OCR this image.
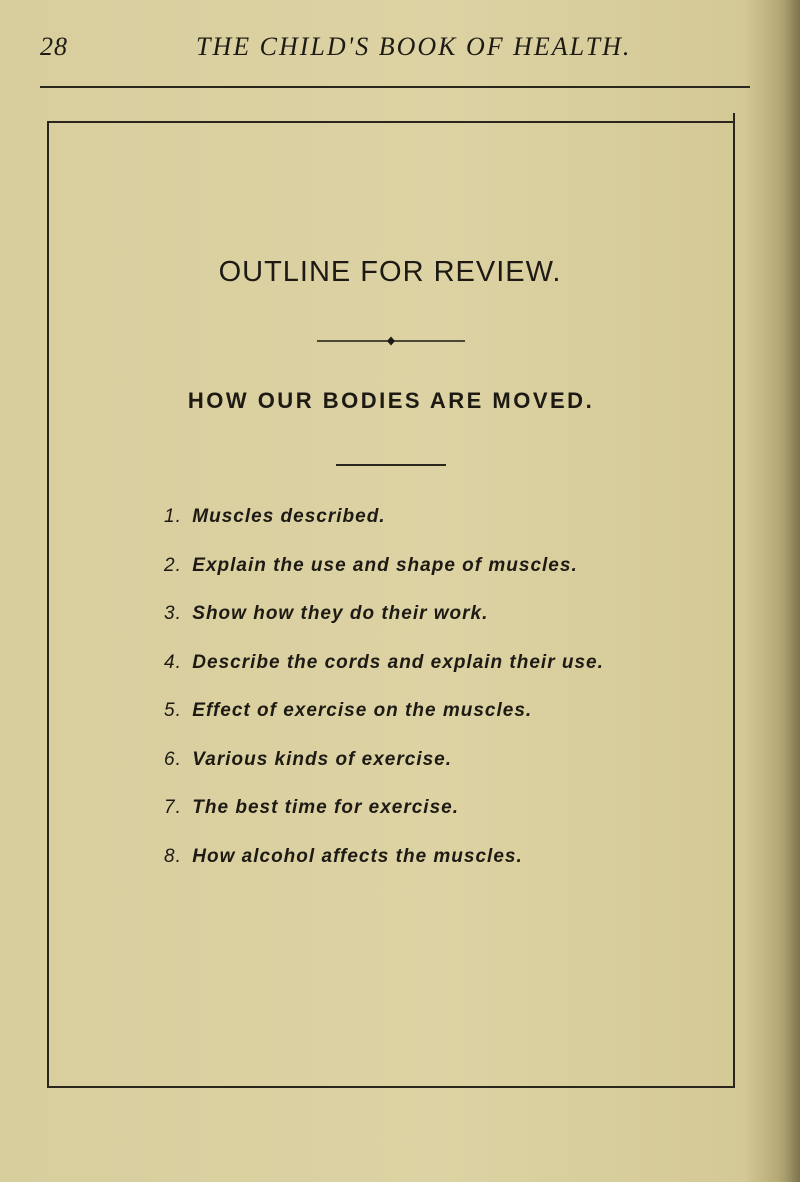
28	THE CHILD'S BOOK OF HEALTH.
OUTLINE FOR REVIEW.
HOW OUR BODIES ARE MOVED.
1. Muscles described.
2. Explain the use and shape of muscles.
3. Show how they do their work.
4. Describe the cords and explain their use.
5. Effect of exercise on the muscles.
6. Various kinds of exercise.
7. The best time for exercise.
8. How alcohol affects the muscles.
